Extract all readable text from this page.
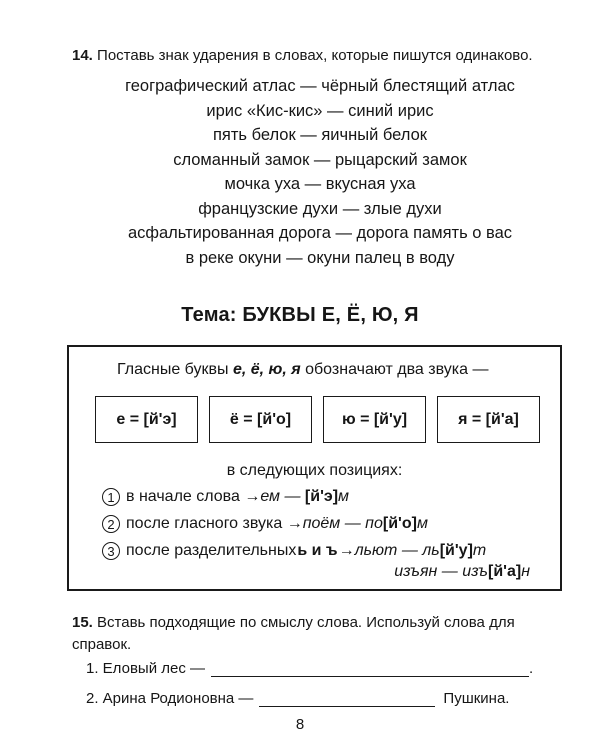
14. Поставь знак ударения в словах, которые пишутся одинаково.
географический атлас — чёрный блестящий атлас
ирис «Кис-кис» — синий ирис
пять белок — яичный белок
сломанный замок — рыцарский замок
мочка уха — вкусная уха
французские духи — злые духи
асфальтированная дорога — дорога память о вас
в реке окуни — окуни палец в воду
Тема: БУКВЫ Е, Ё, Ю, Я
Гласные буквы е, ё, ю, я обозначают два звука —
е = [й'э]	ё = [й'о]	ю = [й'у]	я = [й'а]
в следующих позициях:
1 в начале слова → ем — [й'э]м
2 после гласного звука → поём — по[й'о]м
3 после разделительных ь и ъ → льют — ль[й'у]т
изъян — изъ[й'а]н
15. Вставь подходящие по смыслу слова. Используй слова для справок.
1. Еловый лес —	.
2. Арина Родионовна —	Пушкина.
8
